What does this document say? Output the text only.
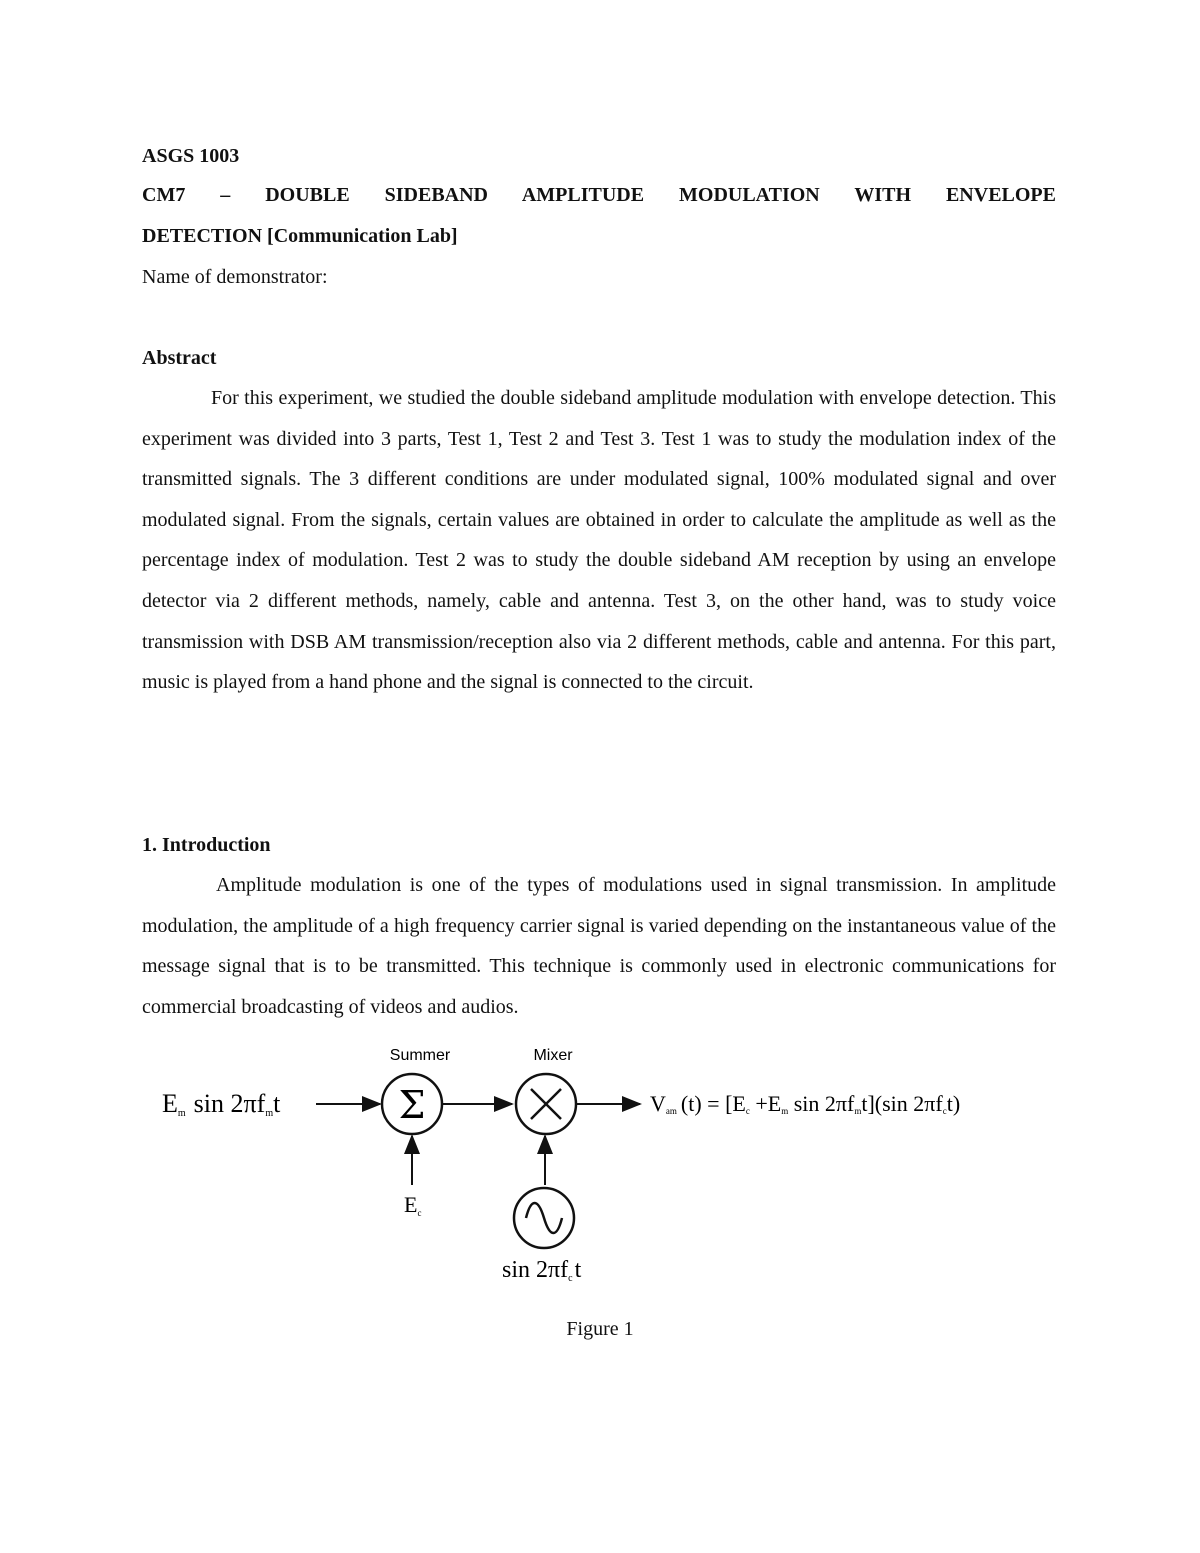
ASGS 1003
CM7 – DOUBLE SIDEBAND AMPLITUDE MODULATION WITH ENVELOPE
DETECTION [Communication Lab]
Name of demonstrator:
Abstract
For this experiment, we studied the double sideband amplitude modulation with envelope detection. This experiment was divided into 3 parts, Test 1, Test 2 and Test 3. Test 1 was to study the modulation index of the transmitted signals. The 3 different conditions are under modulated signal, 100% modulated signal and over modulated signal. From the signals, certain values are obtained in order to calculate the amplitude as well as the percentage index of modulation. Test 2 was to study the double sideband AM reception by using an envelope detector via 2 different methods, namely, cable and antenna. Test 3, on the other hand, was to study voice transmission with DSB AM transmission/reception also via 2 different methods, cable and antenna. For this part, music is played from a hand phone and the signal is connected to the circuit.
1. Introduction
Amplitude modulation is one of the types of modulations used in signal transmission. In amplitude modulation, the amplitude of a high frequency carrier signal is varied depending on the instantaneous value of the message signal that is to be transmitted. This technique is commonly used in electronic communications for commercial broadcasting of videos and audios.
Summer	Mixer
Em sin 2πfmt	Σ
Ec
sin 2πfct
Vam (t) = [Ec +Em sin 2πfmt](sin 2πfct)
Figure 1
